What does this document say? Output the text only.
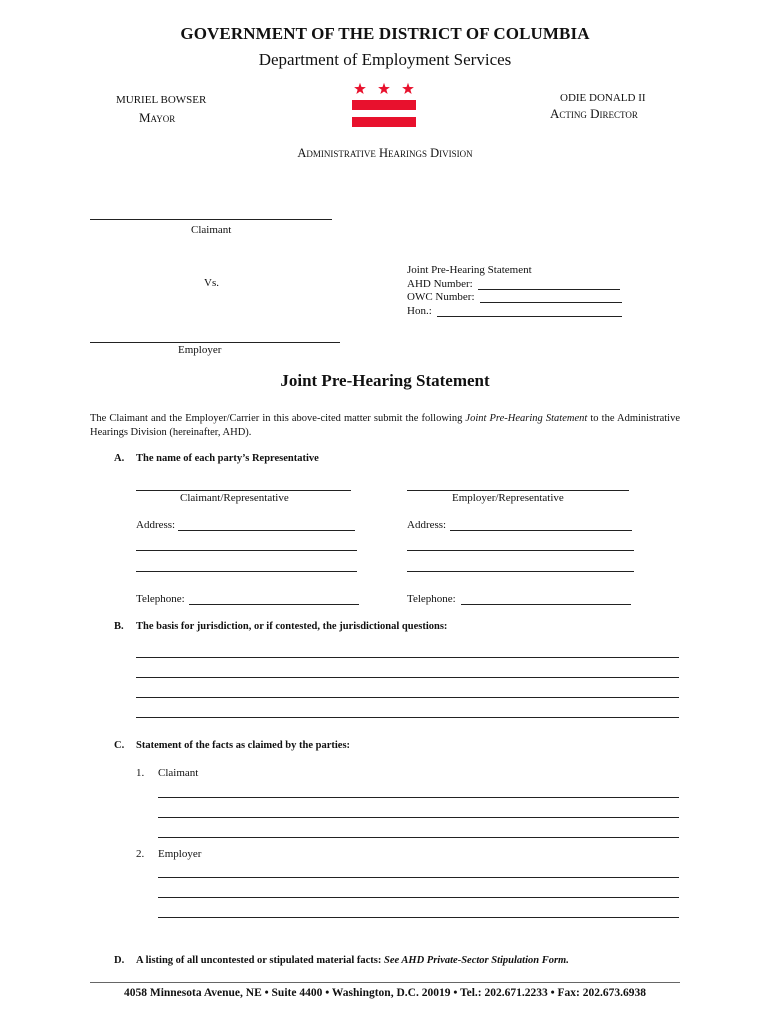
GOVERNMENT OF THE DISTRICT OF COLUMBIA
Department of Employment Services
MURIEL BOWSER
Mayor
ODIE DONALD II
Acting Director
Administrative Hearings Division
Claimant
Vs.
Joint Pre-Hearing Statement
AHD Number:
OWC Number:
Hon.:
Employer
Joint Pre-Hearing Statement
The Claimant and the Employer/Carrier in this above-cited matter submit the following Joint Pre-Hearing Statement to the Administrative Hearings Division (hereinafter, AHD).
A. The name of each party’s Representative
Claimant/Representative	Employer/Representative
Address:	Address:
Telephone:	Telephone:
B. The basis for jurisdiction, or if contested, the jurisdictional questions:
C. Statement of the facts as claimed by the parties:
1. Claimant
2. Employer
D. A listing of all uncontested or stipulated material facts: See AHD Private-Sector Stipulation Form.
4058 Minnesota Avenue, NE • Suite 4400 • Washington, D.C. 20019 • Tel.: 202.671.2233 • Fax: 202.673.6938
